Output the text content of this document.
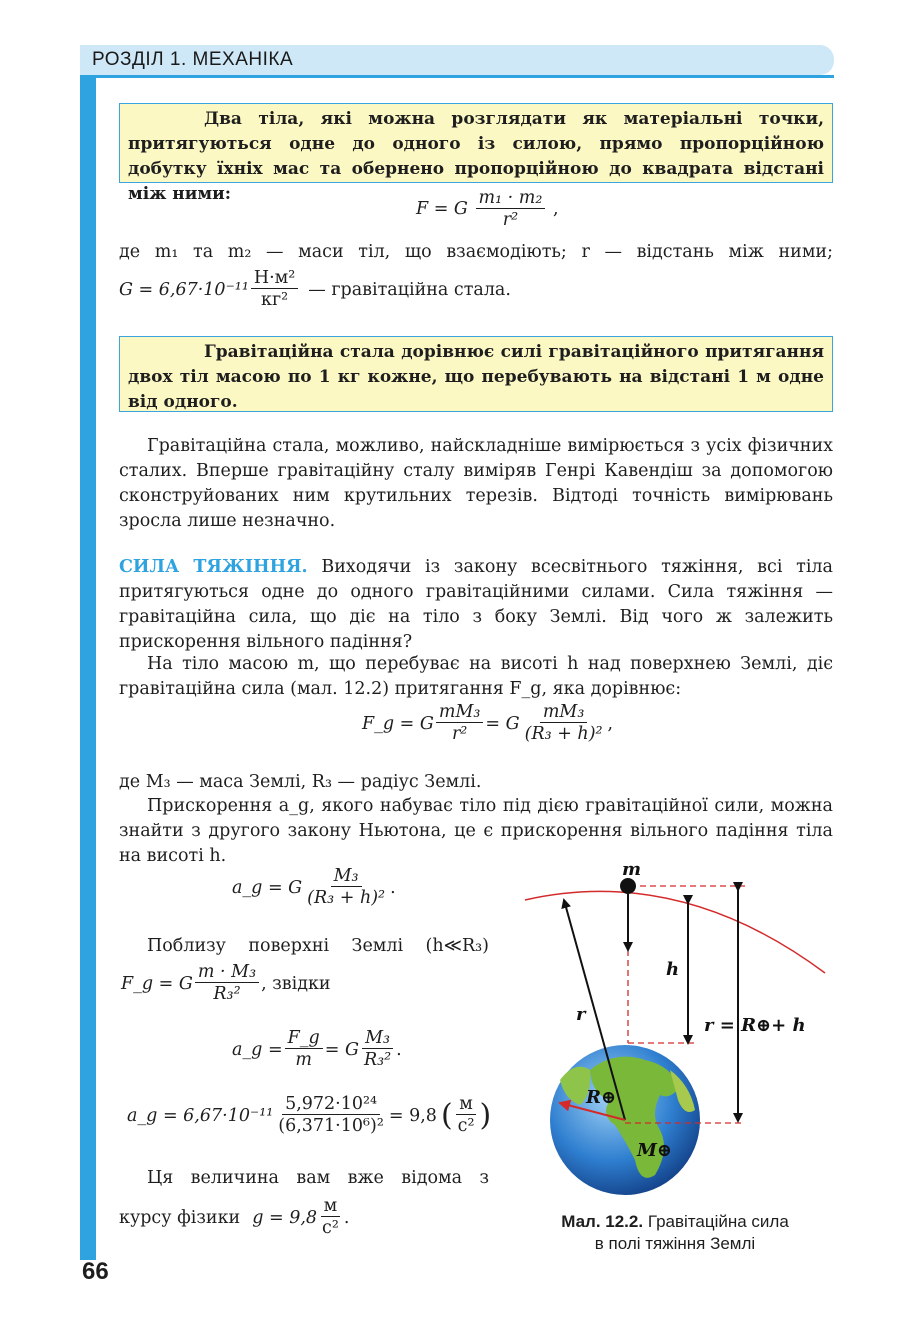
РОЗДІЛ 1. МЕХАНІКА
Два тіла, які можна розглядати як матеріальні точки, притягуються одне до одного із силою, прямо пропорційною добутку їхніх мас та обернено пропорційною до квадрата відстані між ними:
F = G $\frac{\text{m₁ · m₂}}{\text{r²}}$ ,
де m₁ та m₂ — маси тіл, що взаємодіють; r — відстань між ними;
$G = 6,67\cdot 10^{-11} \frac{\text{Н·м²}}{\text{кг²}}$ — гравітаційна стала.
Гравітаційна стала дорівнює силі гравітаційного притягання двох тіл масою по 1 кг кожне, що перебувають на відстані 1 м одне від одного.
Гравітаційна стала, можливо, найскладніше вимірюється з усіх фізичних сталих. Вперше гравітаційну сталу виміряв Генрі Кавендіш за допомогою сконструйованих ним крутильних терезів. Відтоді точність вимірювань зросла лише незначно.
СИЛА ТЯЖІННЯ. Виходячи із закону всесвітнього тяжіння, всі тіла притягуються одне до одного гравітаційними силами. Сила тяжіння — гравітаційна сила, що діє на тіло з боку Землі. Від чого ж залежить прискорення вільного падіння?
На тіло масою m, що перебуває на висоті h над поверхнею Землі, діє гравітаційна сила (мал. 12.2) притягання F_g, яка дорівнює:
F_g = G $\frac{\text{mM₃}}{\text{r²}} = G \frac{\text{mM₃}}{\text{(R₃ + h)²}}$ ,
де M₃ — маса Землі, R₃ — радіус Землі.
Прискорення a_g, якого набуває тіло під дією гравітаційної сили, можна знайти з другого закону Ньютона, це є прискорення вільного падіння тіла на висоті h.
a_g = G $\frac{\text{M₃}}{\text{(R₃ + h)²}}$ .
Поблизу поверхні Землі (h≪R₃)
F_g = G $\frac{\text{m · M₃}}{\text{R₃²}}$ , звідки
a_g = $\frac{F\_g}{m} = G \frac{\text{M₃}}{\text{R₃²}}$ .
a_g = $6,67\cdot 10^{-11} \frac{\text{5,972·10²⁴}}{\text{(6,371·10⁶)²}} = 9,8$ ( $\frac{м}{\text{с²}}$ )
Ця величина вам вже відома з
курсу фізики $g = 9,8 \frac{м}{\text{с²}}$ .
m
h
r
r = R⊕+ h
R⊕
M⊕
Мал. 12.2. Гравітаційна сила
в полі тяжіння Землі
66
